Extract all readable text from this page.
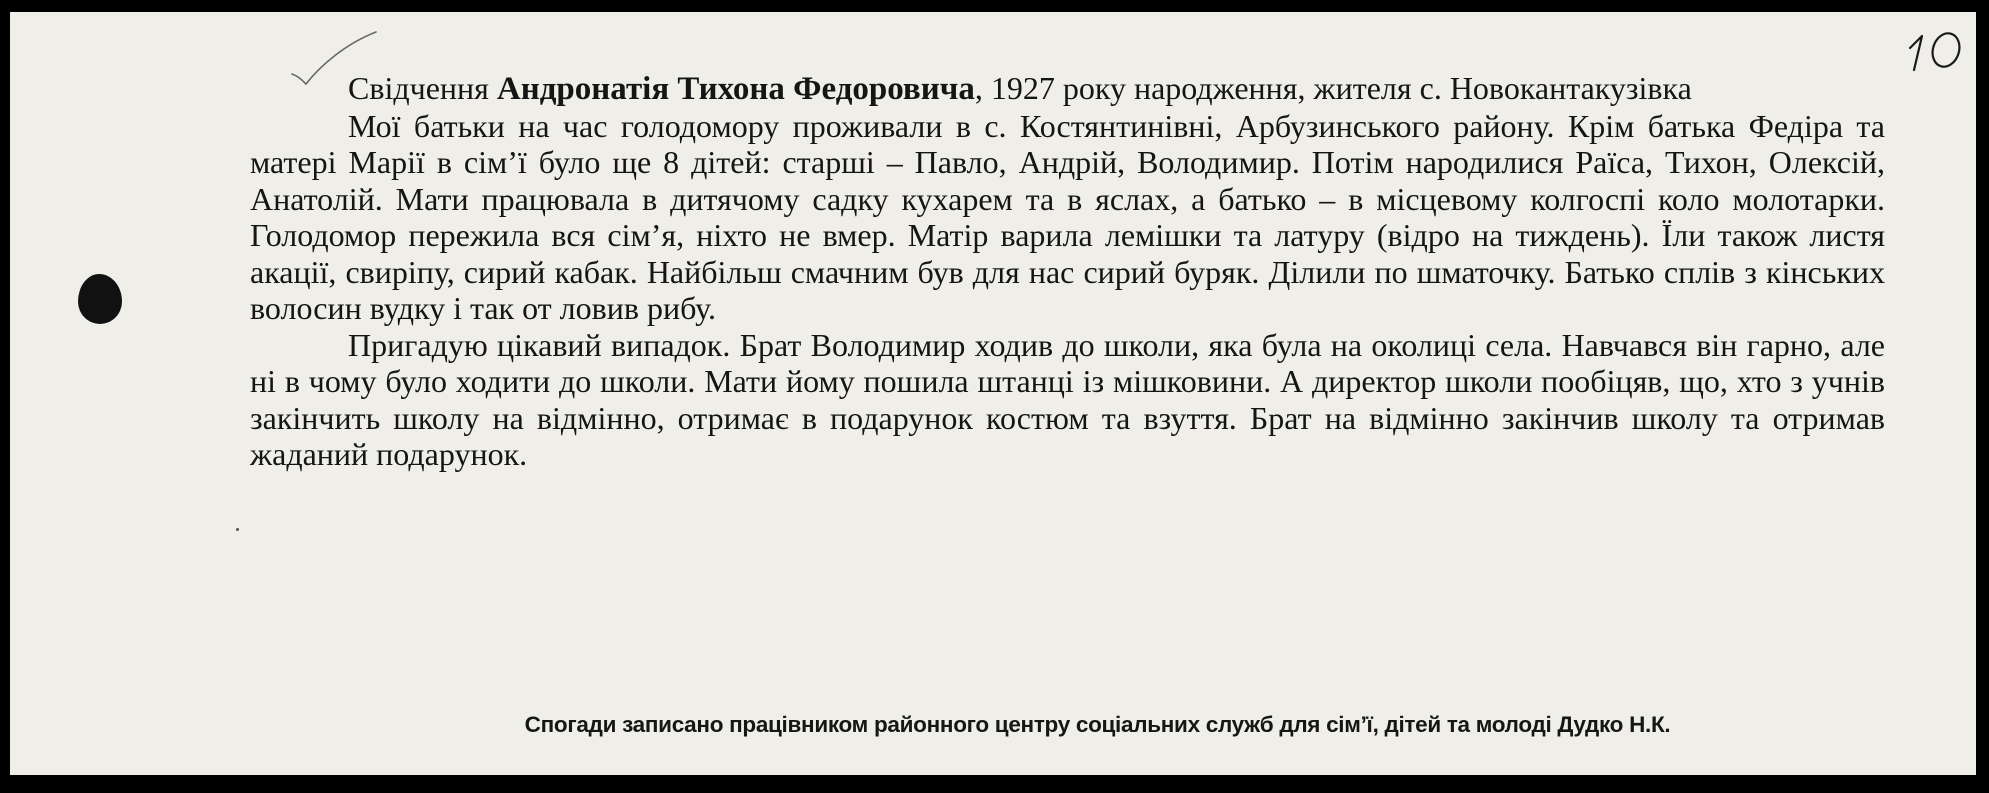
Свідчення Андронатія Тихона Федоровича, 1927 року народження, жителя с. Новокантакузівка

Мої батьки на час голодомору проживали в с. Костянтинівні, Арбузинського району. Крім батька Федіра та матері Марії в сім’ї було ще 8 дітей: старші – Павло, Андрій, Володимир. Потім народилися Раїса, Тихон, Олексій, Анатолій. Мати працювала в дитячому садку кухарем та в яслах, а батько – в місцевому колгоспі коло молотарки. Голодомор пережила вся сім’я, ніхто не вмер. Матір варила лемішки та латуру (відро на тиждень). Їли також листя акації, свиріпу, сирий кабак. Найбільш смачним був для нас сирий буряк. Ділили по шматочку. Батько сплів з кінських волосин вудку і так от ловив рибу.

Пригадую цікавий випадок. Брат Володимир ходив до школи, яка була на околиці села. Навчався він гарно, але ні в чому було ходити до школи. Мати йому пошила штанці із мішковини. А директор школи пообіцяв, що, хто з учнів закінчить школу на відмінно, отримає в подарунок костюм та взуття. Брат на відмінно закінчив школу та отримав жаданий подарунок.

Спогади записано працівником районного центру соціальних служб для сім’ї, дітей та молоді Дудко Н.К.
